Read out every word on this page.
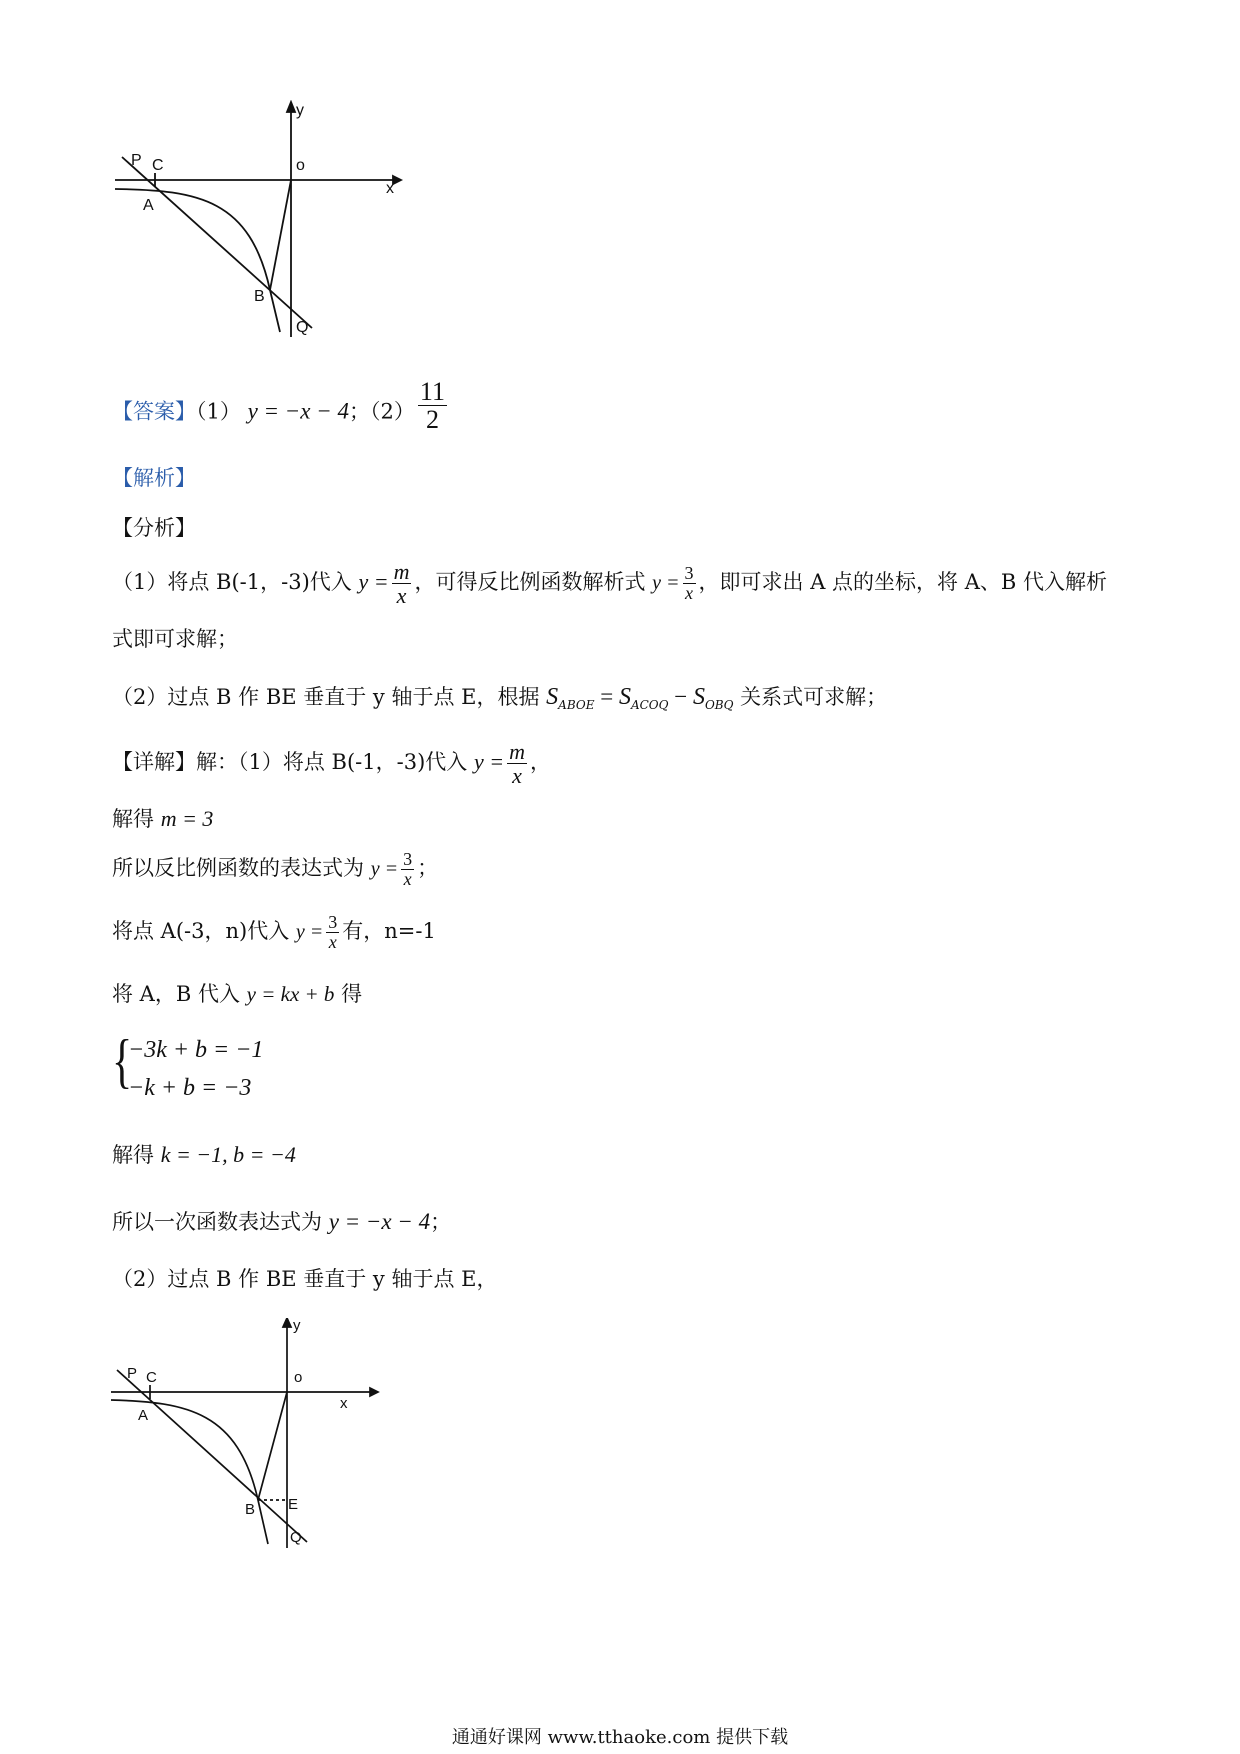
y
x
o
P C
A
B
Q
【答案】（1） y = −x − 4；$(2) \frac{11}{2}$
【解析】
【分析】
（1）将点 B(-1，-3)代入 $y = \frac{m}{x}$ ，可得反比例函数解析式 $y = \frac{3}{x}$ ，即可求出 A 点的坐标，将 A、B 代入解析
式即可求解；
（2）过点 B 作 BE 垂直于 y 轴于点 E，根据 $S_{ABOE} = S_{ACOQ} - S_{OBQ}$ 关系式可求解；
【详解】解：（1）将点 B(-1，-3)代入 $y = \frac{m}{x}$ ，
解得 m = 3
所以反比例函数的表达式为 $y = \frac{3}{x}$ ；
将点 A(-3，n)代入 $y = \frac{3}{x}$ 有，n=-1
将 A，B 代入 y = kx + b 得
{
−3k + b = −1
−k + b = −3
解得 k = −1, b = −4
所以一次函数表达式为 y = −x − 4；
（2）过点 B 作 BE 垂直于 y 轴于点 E，
y
x
o
P C
A
B E
Q
通通好课网 www.tthaoke.com 提供下载
